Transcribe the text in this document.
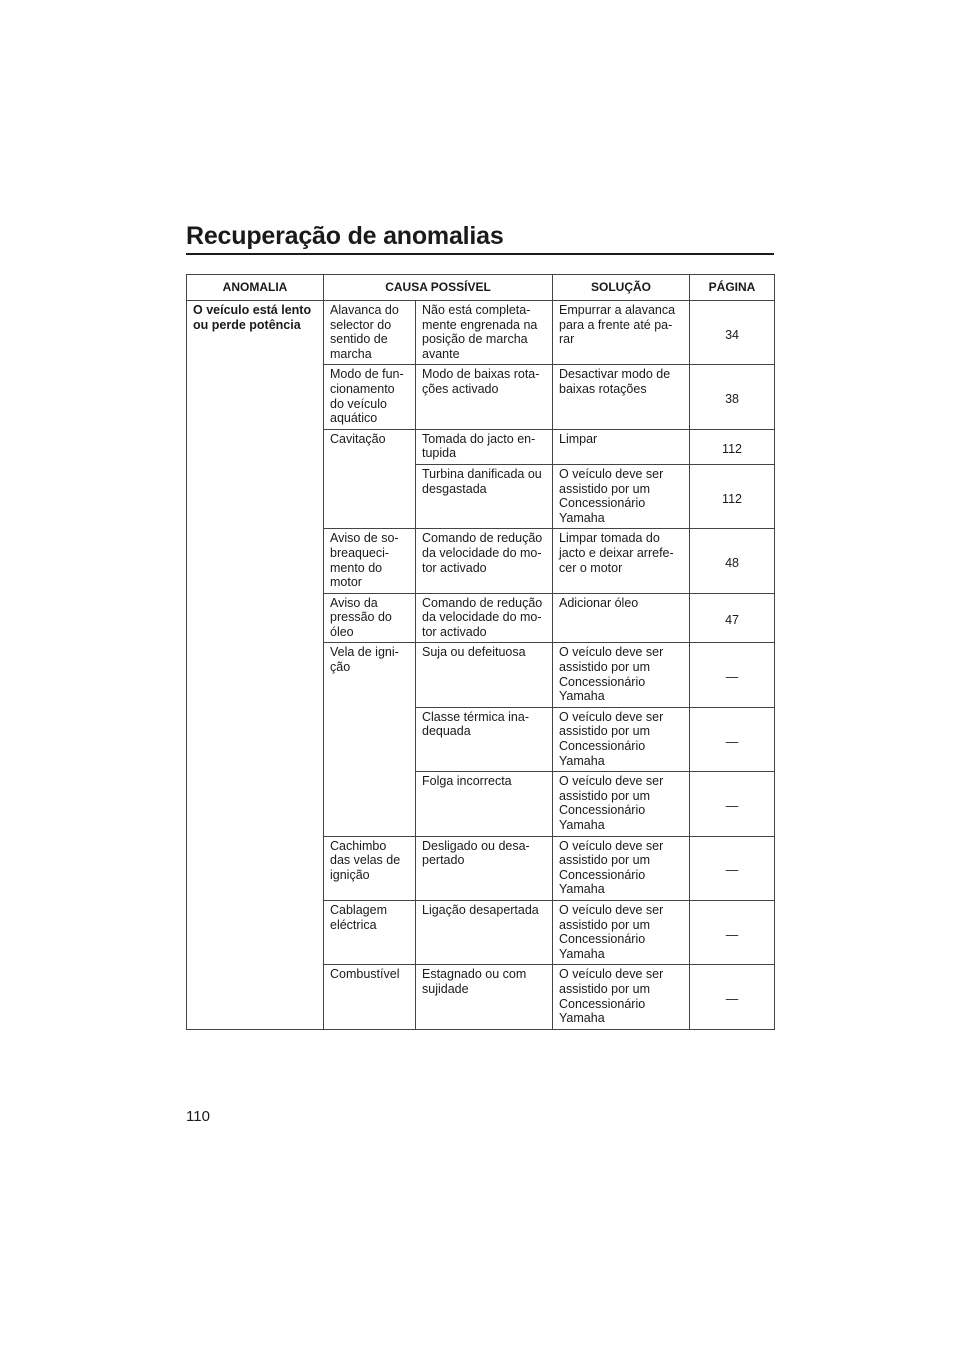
Recuperação de anomalias
ANOMALIA	CAUSA POSSÍVEL		SOLUÇÃO	PÁGINA
O veículo está lento ou perde potência	Alavanca do selector do sentido de marcha	Não está completa-mente engrenada na posição de marcha avante	Empurrar a alavanca para a frente até pa-rar	34
	Modo de fun-cionamento do veículo aquático	Modo de baixas rota-ções activado	Desactivar modo de baixas rotações	38
	Cavitação	Tomada do jacto en-tupida	Limpar	112
		Turbina danificada ou desgastada	O veículo deve ser assistido por um Concessionário Yamaha	112
	Aviso de so-breaqueci-mento do motor	Comando de redução da velocidade do mo-tor activado	Limpar tomada do jacto e deixar arrefe-cer o motor	48
	Aviso da pressão do óleo	Comando de redução da velocidade do mo-tor activado	Adicionar óleo	47
	Vela de igni-ção	Suja ou defeituosa	O veículo deve ser assistido por um Concessionário Yamaha	—
		Classe térmica ina-dequada	O veículo deve ser assistido por um Concessionário Yamaha	—
		Folga incorrecta	O veículo deve ser assistido por um Concessionário Yamaha	—
	Cachimbo das velas de ignição	Desligado ou desa-pertado	O veículo deve ser assistido por um Concessionário Yamaha	—
	Cablagem eléctrica	Ligação desapertada	O veículo deve ser assistido por um Concessionário Yamaha	—
	Combustível	Estagnado ou com sujidade	O veículo deve ser assistido por um Concessionário Yamaha	—

110
